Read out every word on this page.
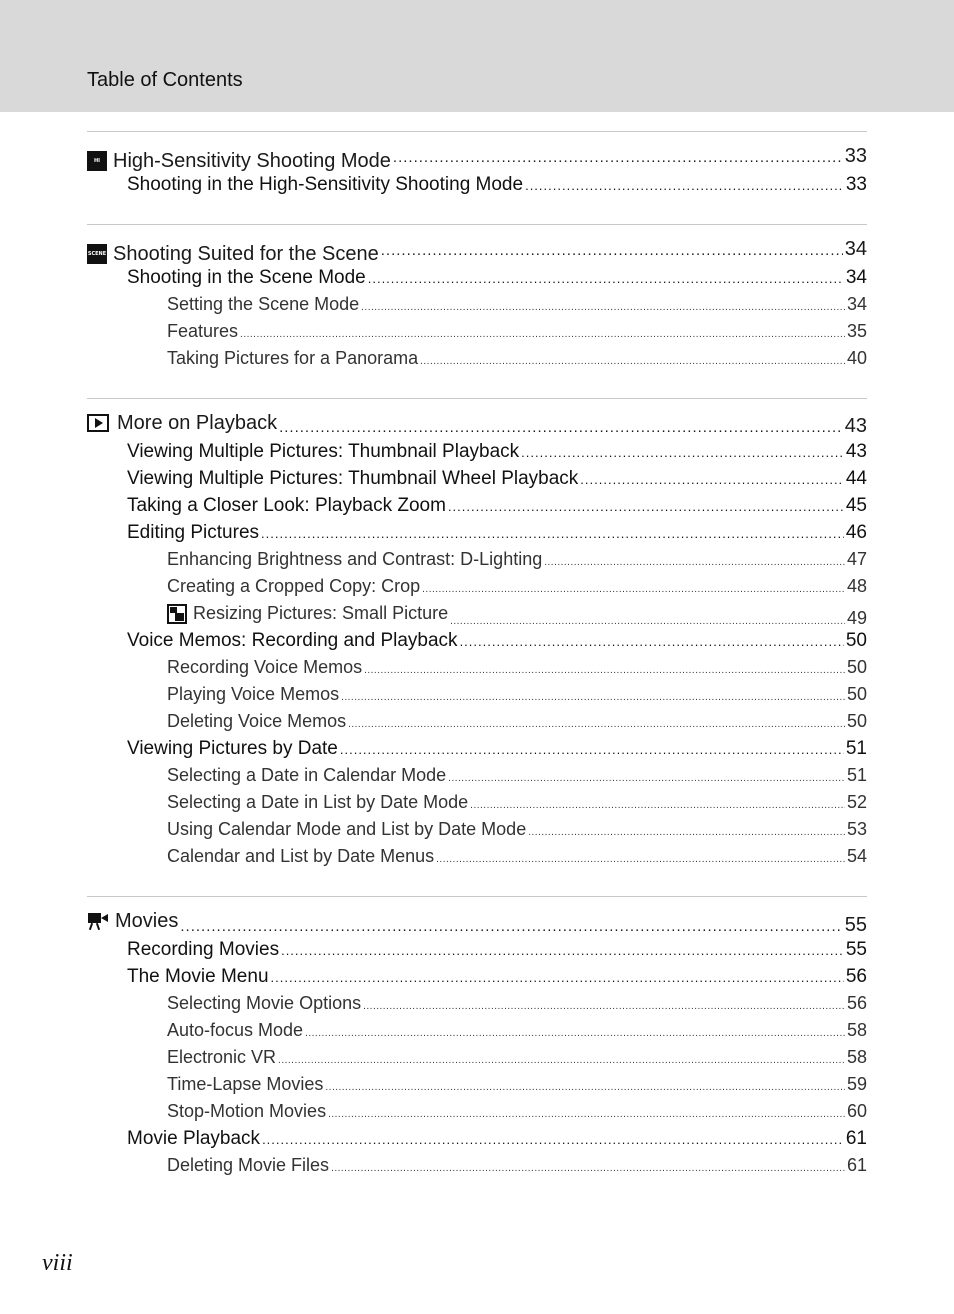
Table of Contents
HI
ISO
High-Sensitivity Shooting Mode .....	33
Shooting in the High-Sensitivity Shooting Mode .....	33
SCENE Shooting Suited for the Scene .....	34
Shooting in the Scene Mode .....	34
Setting the Scene Mode .....	34
Features .....	35
Taking Pictures for a Panorama .....	40
More on Playback .....	43
Viewing Multiple Pictures: Thumbnail Playback .....	43
Viewing Multiple Pictures: Thumbnail Wheel Playback .....	44
Taking a Closer Look: Playback Zoom .....	45
Editing Pictures .....	46
Enhancing Brightness and Contrast: D-Lighting .....	47
Creating a Cropped Copy: Crop .....	48
Resizing Pictures: Small Picture .....	49
Voice Memos: Recording and Playback .....	50
Recording Voice Memos .....	50
Playing Voice Memos .....	50
Deleting Voice Memos .....	50
Viewing Pictures by Date .....	51
Selecting a Date in Calendar Mode .....	51
Selecting a Date in List by Date Mode .....	52
Using Calendar Mode and List by Date Mode .....	53
Calendar and List by Date Menus .....	54
Movies .....	55
Recording Movies .....	55
The Movie Menu .....	56
Selecting Movie Options .....	56
Auto-focus Mode .....	58
Electronic VR .....	58
Time-Lapse Movies .....	59
Stop-Motion Movies .....	60
Movie Playback .....	61
Deleting Movie Files .....	61
viii
